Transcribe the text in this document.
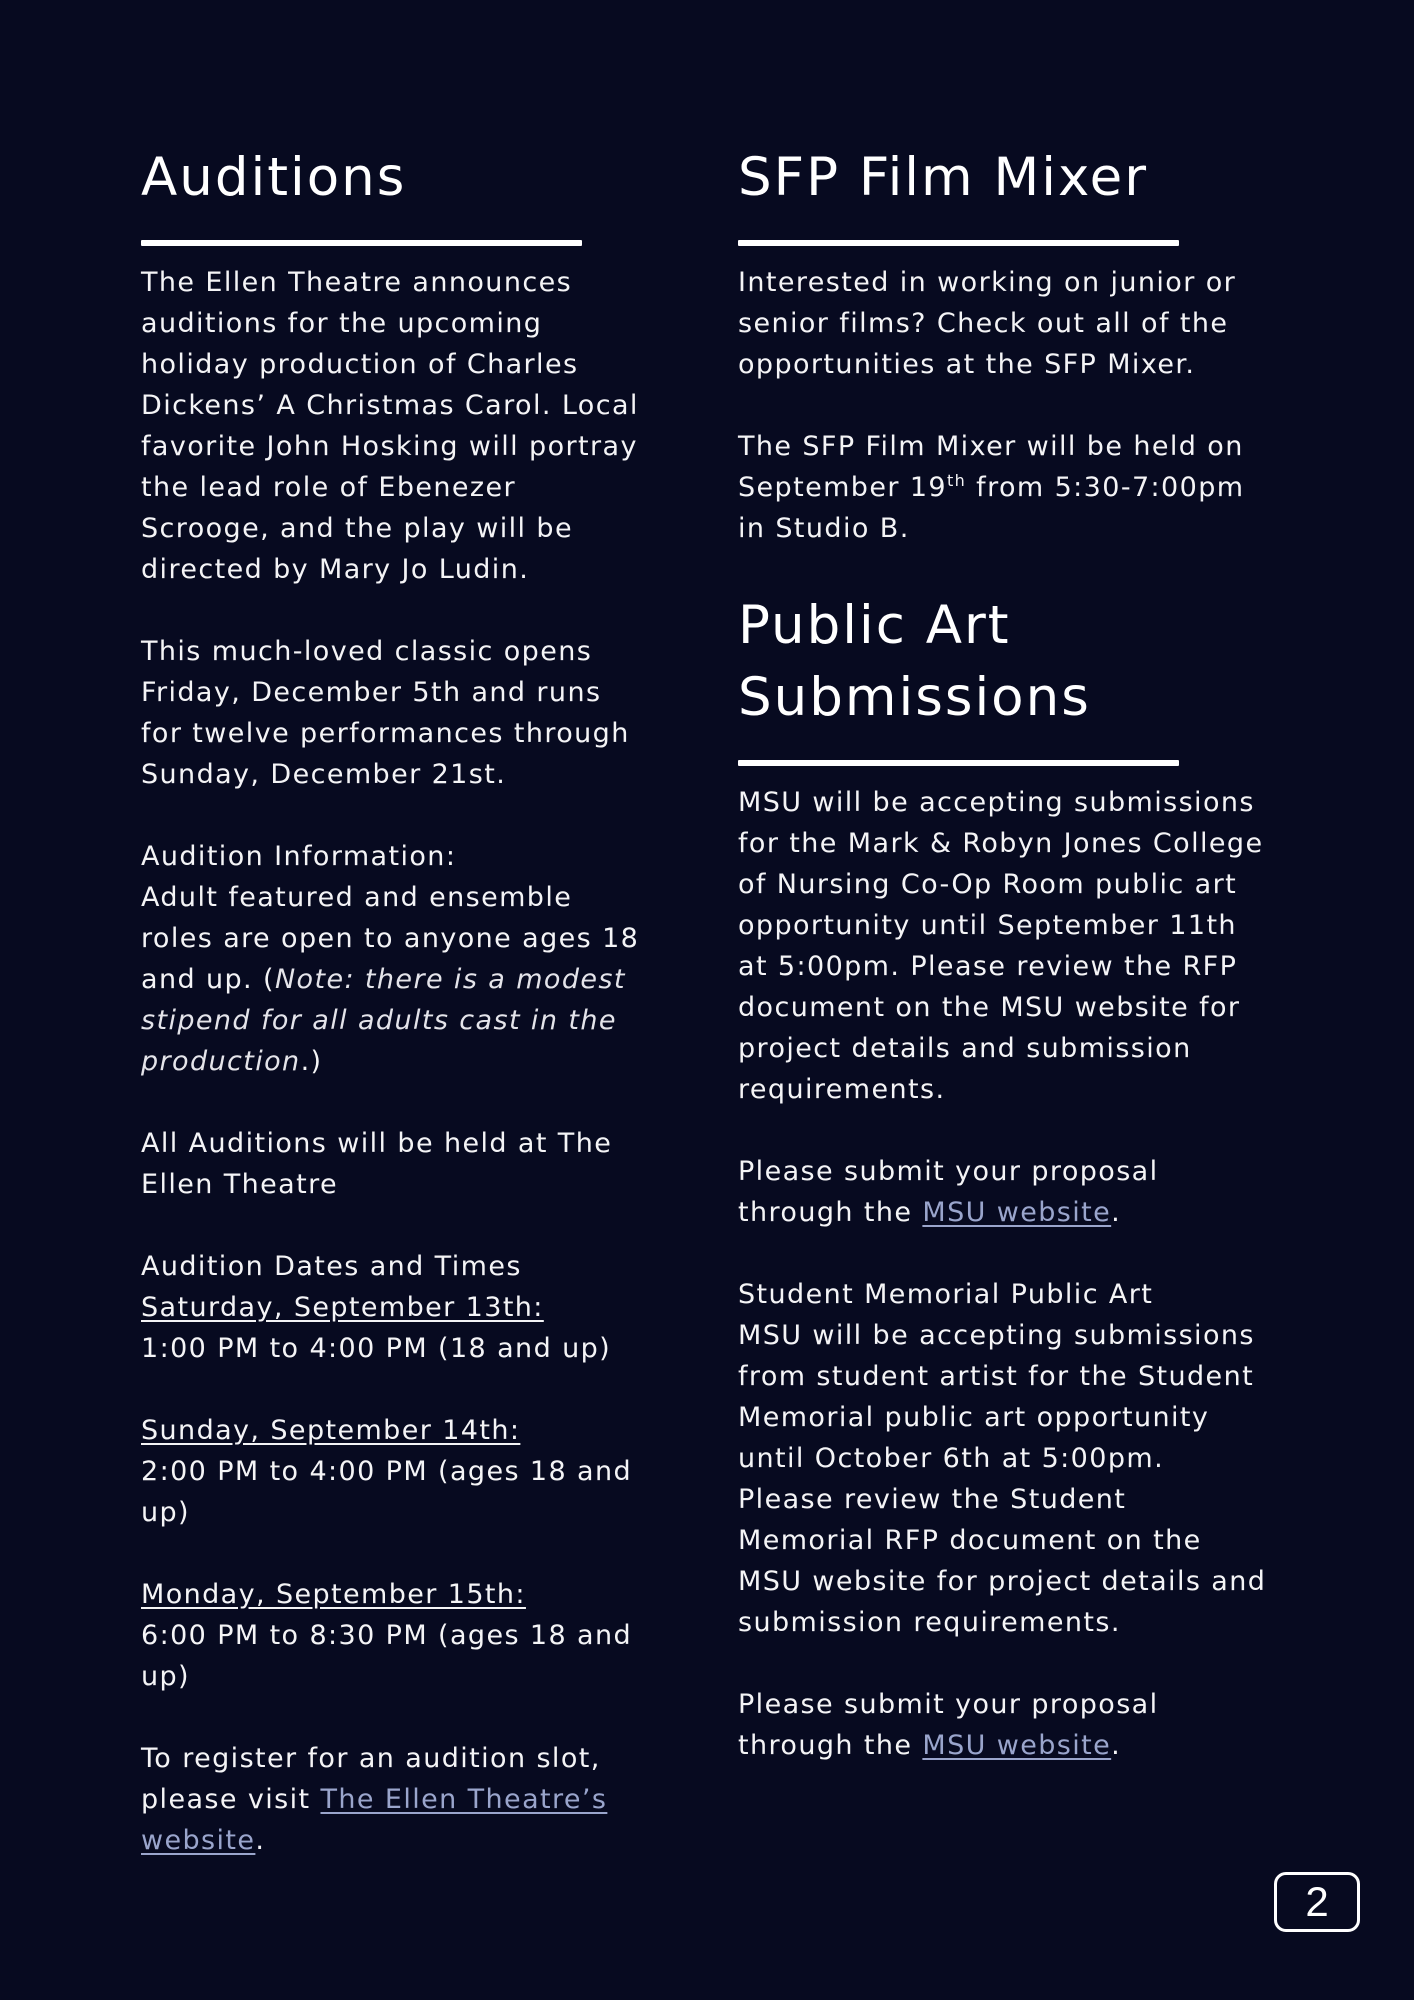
Auditions

The Ellen Theatre announces auditions for the upcoming holiday production of Charles Dickens’ A Christmas Carol. Local favorite John Hosking will portray the lead role of Ebenezer Scrooge, and the play will be directed by Mary Jo Ludin.

This much-loved classic opens Friday, December 5th and runs for twelve performances through Sunday, December 21st.

Audition Information:
Adult featured and ensemble roles are open to anyone ages 18 and up. (Note: there is a modest stipend for all adults cast in the production.)

All Auditions will be held at The Ellen Theatre

Audition Dates and Times
Saturday, September 13th:
1:00 PM to 4:00 PM (18 and up)

Sunday, September 14th:
2:00 PM to 4:00 PM (ages 18 and up)

Monday, September 15th:
6:00 PM to 8:30 PM (ages 18 and up)

To register for an audition slot, please visit The Ellen Theatre’s website.

SFP Film Mixer

Interested in working on junior or senior films? Check out all of the opportunities at the SFP Mixer.

The SFP Film Mixer will be held on September 19th from 5:30-7:00pm in Studio B.

Public Art Submissions

MSU will be accepting submissions for the Mark & Robyn Jones College of Nursing Co-Op Room public art opportunity until September 11th at 5:00pm. Please review the RFP document on the MSU website for project details and submission requirements.

Please submit your proposal through the MSU website.

Student Memorial Public Art
MSU will be accepting submissions from student artist for the Student Memorial public art opportunity until October 6th at 5:00pm. Please review the Student Memorial RFP document on the MSU website for project details and submission requirements.

Please submit your proposal through the MSU website.

2
